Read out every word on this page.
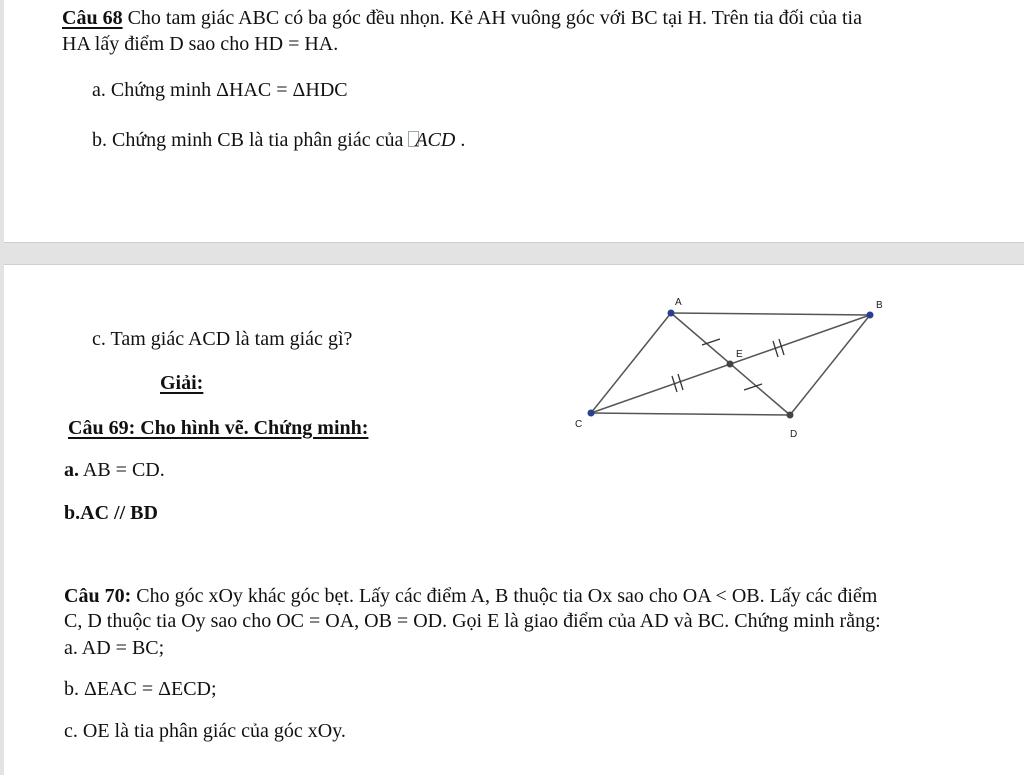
Câu 68 Cho tam giác ABC có ba góc đều nhọn. Kẻ AH vuông góc với BC tại H. Trên tia đối của tia
HA lấy điểm D sao cho HD = HA.
a. Chứng minh ΔHAC = ΔHDC
b. Chứng minh CB là tia phân giác của ACD .
c. Tam giác ACD là tam giác gì?
Giải:
Câu 69: Cho hình vẽ. Chứng minh:
a. AB = CD.
b.AC // BD
A	B
C
D
E
Câu 70: Cho góc xOy khác góc bẹt. Lấy các điểm A, B thuộc tia Ox sao cho OA < OB. Lấy các điểm
C, D thuộc tia Oy sao cho OC = OA, OB = OD. Gọi E là giao điểm của AD và BC. Chứng minh rằng:
a. AD = BC;
b. ΔEAC = ΔECD;
c. OE là tia phân giác của góc xOy.
